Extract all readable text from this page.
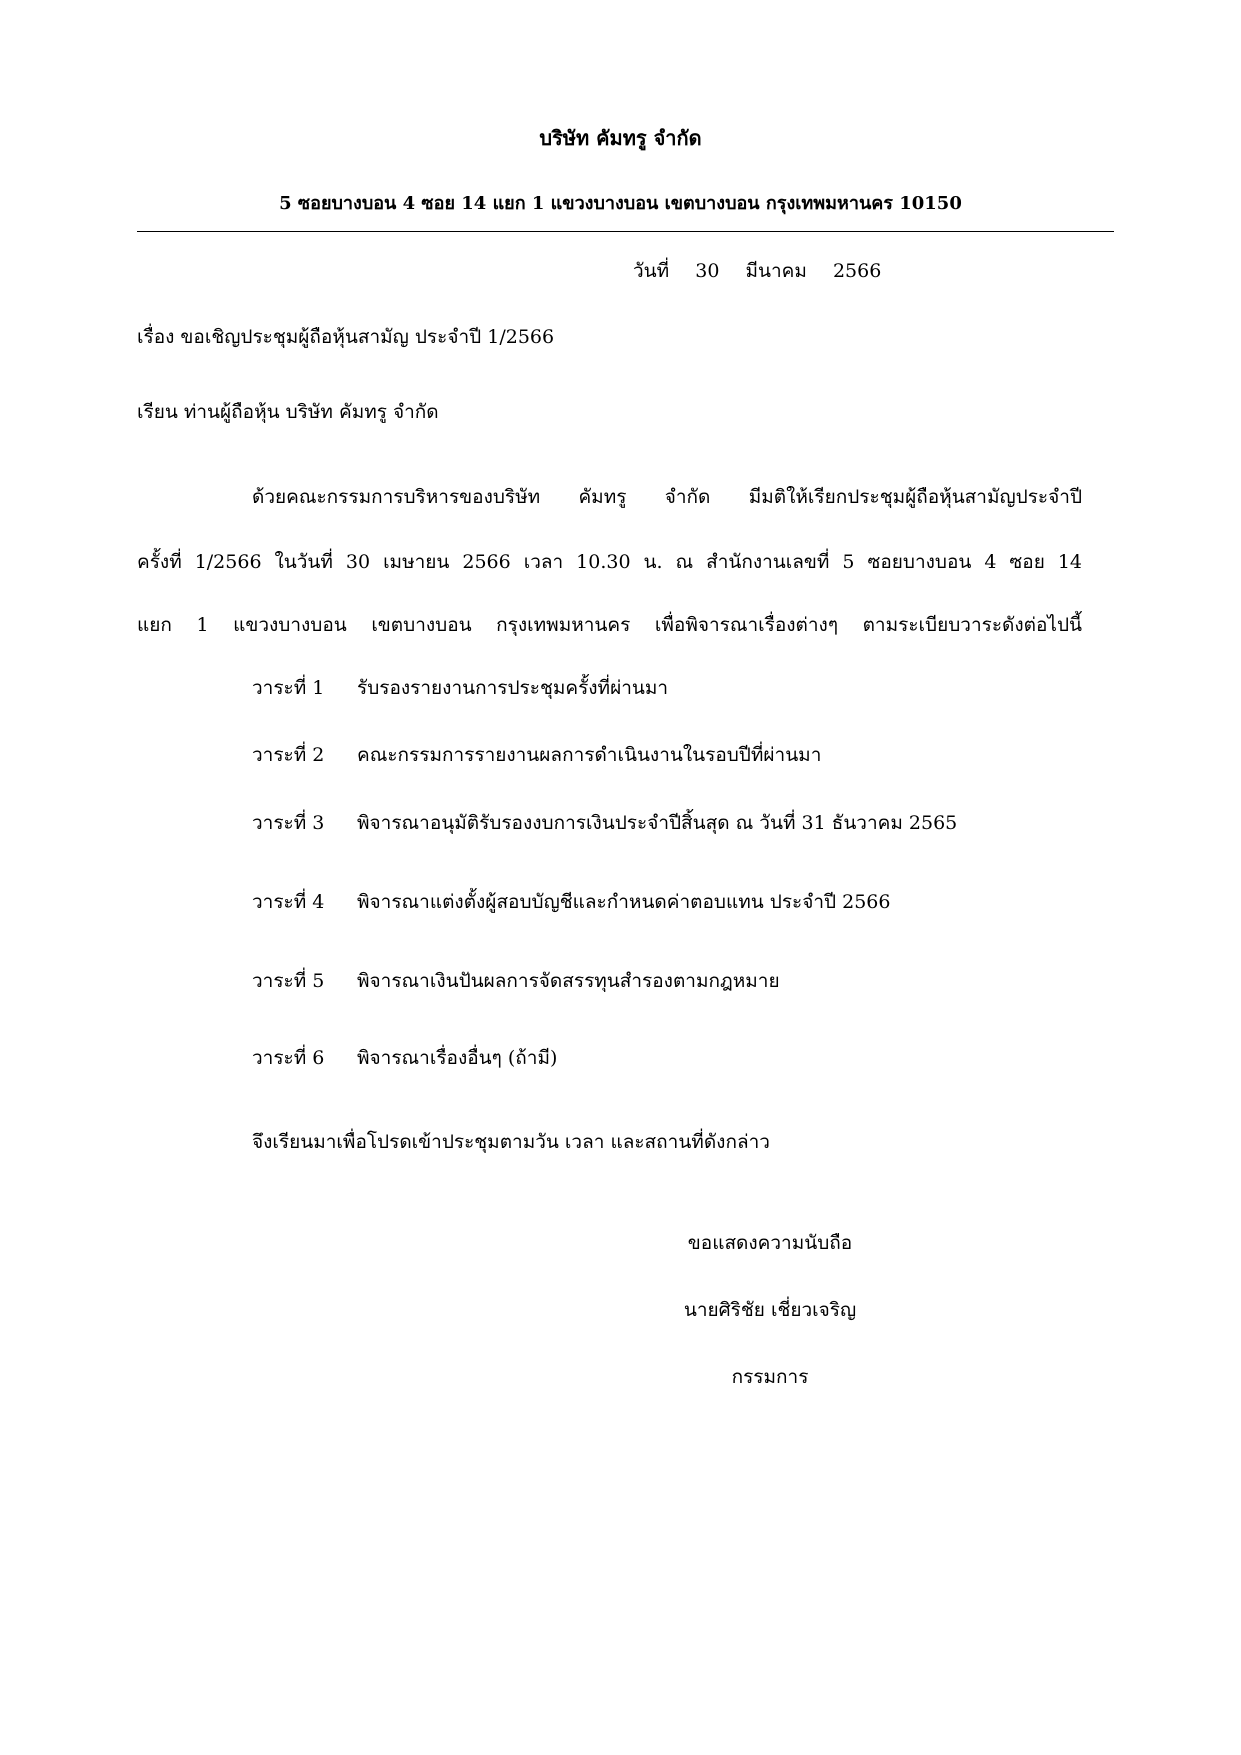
บริษัท คัมทรู จำกัด
5 ซอยบางบอน 4 ซอย 14 แยก 1 แขวงบางบอน เขตบางบอน กรุงเทพมหานคร 10150
วันที่ 30 มีนาคม 2566
เรื่อง ขอเชิญประชุมผู้ถือหุ้นสามัญ ประจำปี 1/2566
เรียน ท่านผู้ถือหุ้น บริษัท คัมทรู จำกัด
ด้วยคณะกรรมการบริหารของบริษัท คัมทรู จำกัด มีมติให้เรียกประชุมผู้ถือหุ้นสามัญประจำปี
ครั้งที่ 1/2566 ในวันที่ 30 เมษายน 2566 เวลา 10.30 น. ณ สำนักงานเลขที่ 5 ซอยบางบอน 4 ซอย 14
แยก 1 แขวงบางบอน เขตบางบอน กรุงเทพมหานคร เพื่อพิจารณาเรื่องต่างๆ ตามระเบียบวาระดังต่อไปนี้
วาระที่ 1 รับรองรายงานการประชุมครั้งที่ผ่านมา
วาระที่ 2 คณะกรรมการรายงานผลการดำเนินงานในรอบปีที่ผ่านมา
วาระที่ 3 พิจารณาอนุมัติรับรองงบการเงินประจำปีสิ้นสุด ณ วันที่ 31 ธันวาคม 2565
วาระที่ 4 พิจารณาแต่งตั้งผู้สอบบัญชีและกำหนดค่าตอบแทน ประจำปี 2566
วาระที่ 5 พิจารณาเงินปันผลการจัดสรรทุนสำรองตามกฎหมาย
วาระที่ 6 พิจารณาเรื่องอื่นๆ (ถ้ามี)
จึงเรียนมาเพื่อโปรดเข้าประชุมตามวัน เวลา และสถานที่ดังกล่าว
ขอแสดงความนับถือ
นายศิริชัย เชี่ยวเจริญ
กรรมการ
